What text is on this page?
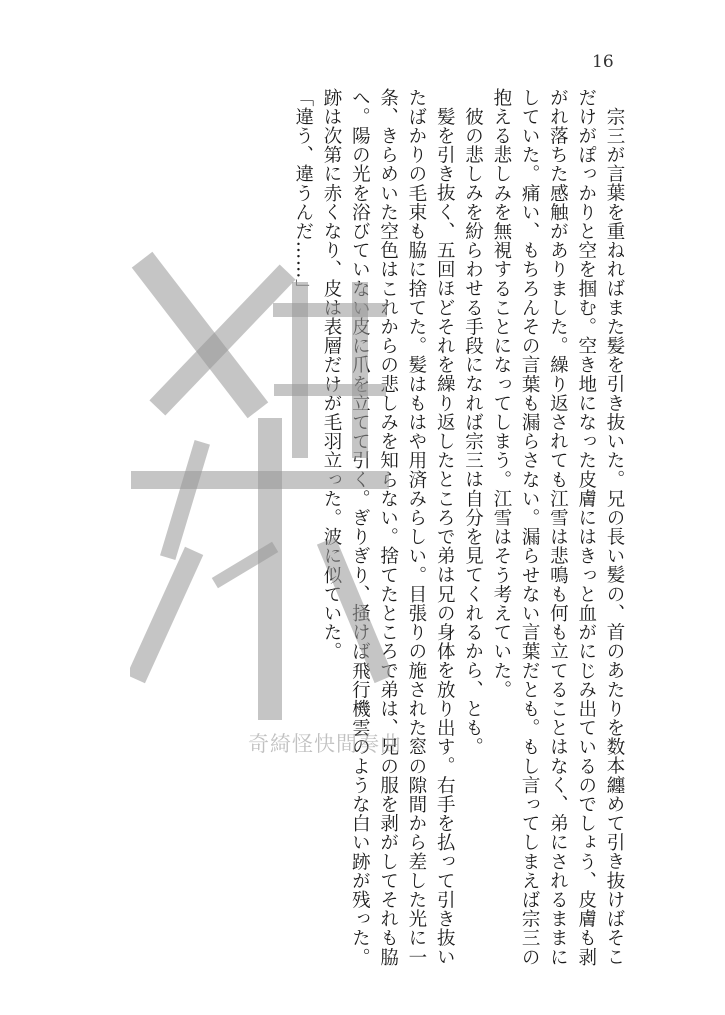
16

宗三が言葉を重ねればまた髪を引き抜いた。兄の長い髪の、首のあたりを数本纏めて引き抜けばそこだけがぽっかりと空を掴む。空き地になった皮膚にはきっと血がにじみ出ているのでしょう、皮膚も剥がれ落ちた感触がありました。繰り返されても江雪は悲鳴も何も立てることはなく、弟にされるままにしていた。痛い、もちろんその言葉も漏らさない。漏らせない言葉だとも。もし言ってしまえば宗三の抱える悲しみを無視することになってしまう。江雪はそう考えていた。

彼の悲しみを紛らわせる手段になれば宗三は自分を見てくれるから、とも。

髪を引き抜く、五回ほどそれを繰り返したところで弟は兄の身体を放り出す。右手を払って引き抜いたばかりの毛束も脇に捨てた。髪はもはや用済みらしい。目張りの施された窓の隙間から差した光に一条、きらめいた空色はこれからの悲しみを知らない。捨てたところで弟は、兄の服を剥がしてそれも脇へ。陽の光を浴びていない皮に爪を立てて引く。ぎりぎり、掻けば飛行機雲のような白い跡が残った。跡は次第に赤くなり、皮は表層だけが毛羽立った。波に似ていた。

「違う、違うんだ……」

奇綺怪快間奏曲
